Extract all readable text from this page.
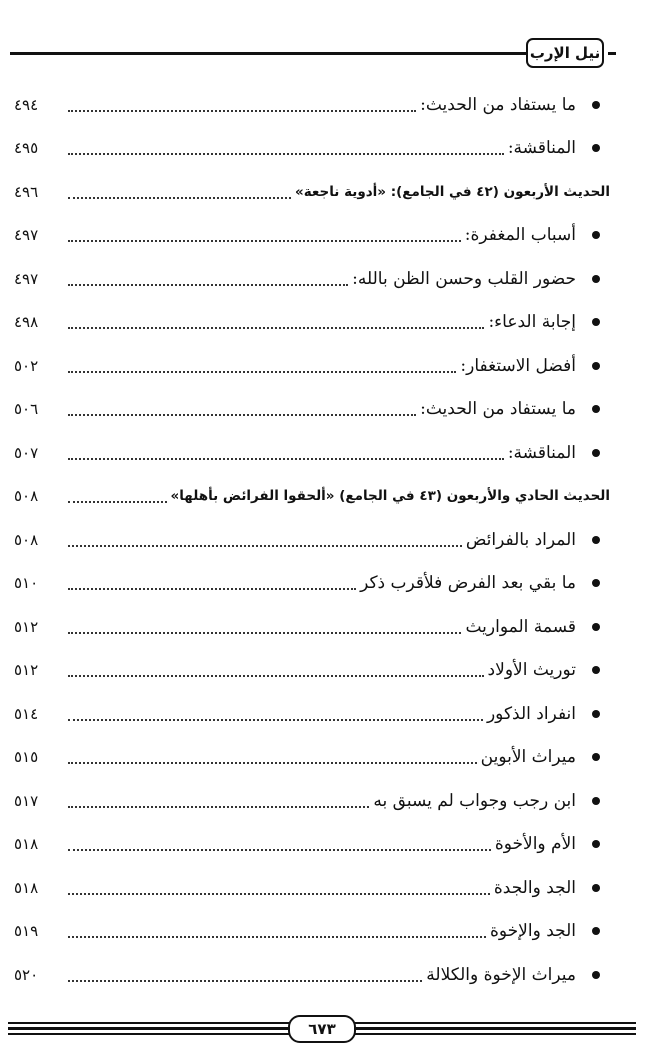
نيل الإرب
ما يستفاد من الحديث:
٤٩٤
المناقشة:
٤٩٥
الحديث الأربعون (٤٢ في الجامع): «أدوية ناجعة»
٤٩٦
أسباب المغفرة:
٤٩٧
حضور القلب وحسن الظن بالله:
٤٩٧
إجابة الدعاء:
٤٩٨
أفضل الاستغفار:
٥٠٢
ما يستفاد من الحديث:
٥٠٦
المناقشة:
٥٠٧
الحديث الحادي والأربعون (٤٣ في الجامع) «ألحقوا الفرائض بأهلها»
٥٠٨
المراد بالفرائض
٥٠٨
ما بقي بعد الفرض فلأقرب ذكر
٥١٠
قسمة المواريث
٥١٢
توريث الأولاد
٥١٢
انفراد الذكور
٥١٤
ميراث الأبوين
٥١٥
ابن رجب وجواب لم يسبق به
٥١٧
الأم والأخوة
٥١٨
الجد والجدة
٥١٨
الجد والإخوة
٥١٩
ميراث الإخوة والكلالة
٥٢٠
٦٧٣
